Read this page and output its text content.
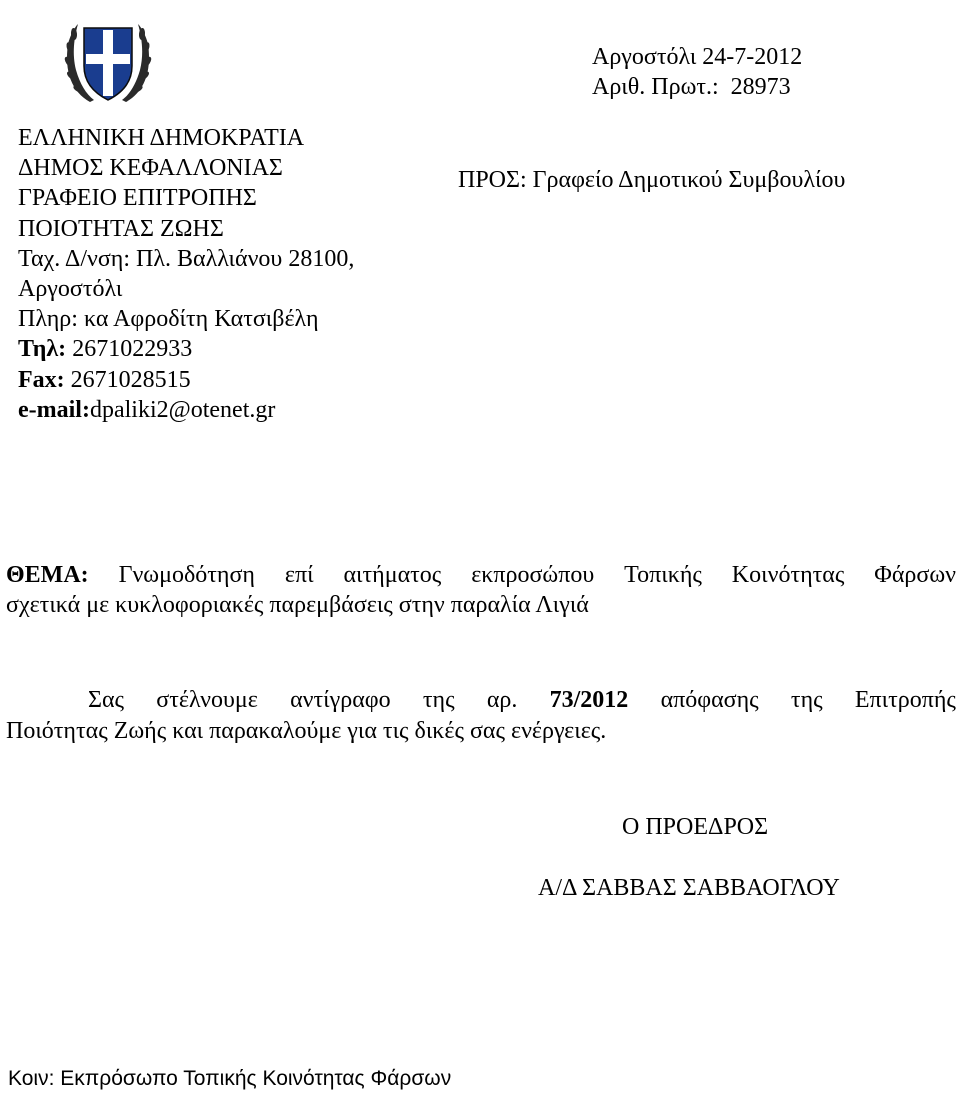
ΕΛΛΗΝΙΚΗ ΔΗΜΟΚΡΑΤΙΑ
ΔΗΜΟΣ ΚΕΦΑΛΛΟΝΙΑΣ
ΓΡΑΦΕΙΟ ΕΠΙΤΡΟΠΗΣ
ΠΟΙΟΤΗΤΑΣ ΖΩΗΣ
Ταχ. Δ/νση: Πλ. Βαλλιάνου 28100,
Αργοστόλι
Πληρ: κα Αφροδίτη Κατσιβέλη
Τηλ: 2671022933
Fax: 2671028515
e-mail:dpaliki2@otenet.gr
Αργοστόλι 24-7-2012
Αριθ. Πρωτ.:  28973
ΠΡΟΣ: Γραφείο Δημοτικού Συμβουλίου
ΘΕΜΑ: Γνωμοδότηση επί αιτήματος εκπροσώπου Τοπικής Κοινότητας Φάρσων
σχετικά με κυκλοφοριακές παρεμβάσεις στην παραλία Λιγιά
Σας στέλνουμε αντίγραφο της αρ. 73/2012 απόφασης της Επιτροπής
Ποιότητας Ζωής και παρακαλούμε για τις δικές σας ενέργειες.
Ο ΠΡΟΕΔΡΟΣ
Α/Δ ΣΑΒΒΑΣ ΣΑΒΒΑΟΓΛΟΥ
Κοιν: Εκπρόσωπο Τοπικής Κοινότητας Φάρσων
